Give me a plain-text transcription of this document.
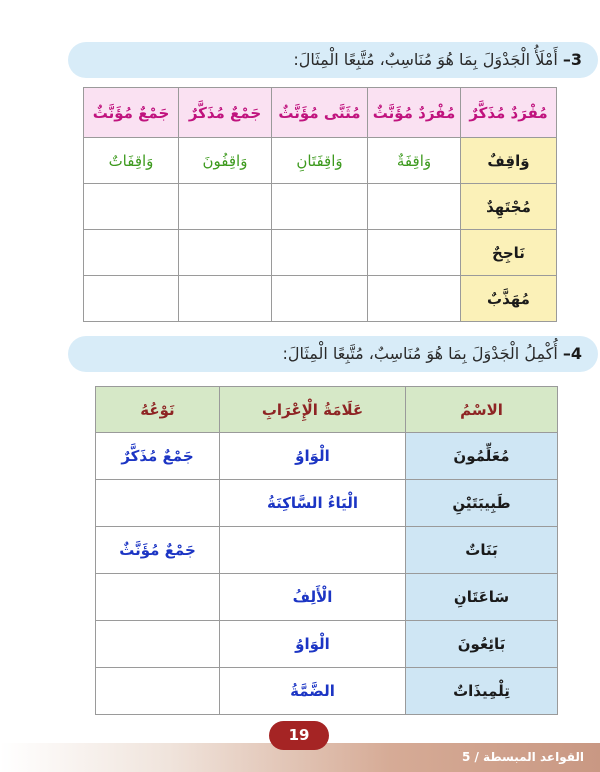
3– أَمْلَأُ الْجَدْوَلَ بِمَا هُوَ مُنَاسِبٌ، مُتَّبِعًا الْمِثَالَ:
مُفْرَدٌ مُذَكَّرٌ	مُفْرَدٌ مُؤَنَّثٌ	مُثَنَّى مُؤَنَّثٌ	جَمْعٌ مُذَكَّرٌ	جَمْعٌ مُؤَنَّثٌ
وَاقِفٌ	وَاقِفَةٌ	وَاقِفَتَانِ	وَاقِفُونَ	وَاقِفَاتٌ
مُجْتَهِدٌ				
نَاجِحٌ				
مُهَذَّبٌ				
4– أُكْمِلُ الْجَدْوَلَ بِمَا هُوَ مُنَاسِبٌ، مُتَّبِعًا الْمِثَالَ:
الاسْمُ	عَلَامَةُ الْإِعْرَابِ	نَوْعُهُ
مُعَلِّمُونَ	الْوَاوُ	جَمْعٌ مُذَكَّرٌ
طَبِيبَتَيْنِ	الْيَاءُ السَّاكِنَةُ	
بَنَاتٌ		جَمْعٌ مُؤَنَّثٌ
سَاعَتَانِ	الْأَلِفُ	
بَائِعُونَ	الْوَاوُ	
تِلْمِيذَاتٌ	الضَّمَّةُ	
القواعد المبسطة / 5
19
